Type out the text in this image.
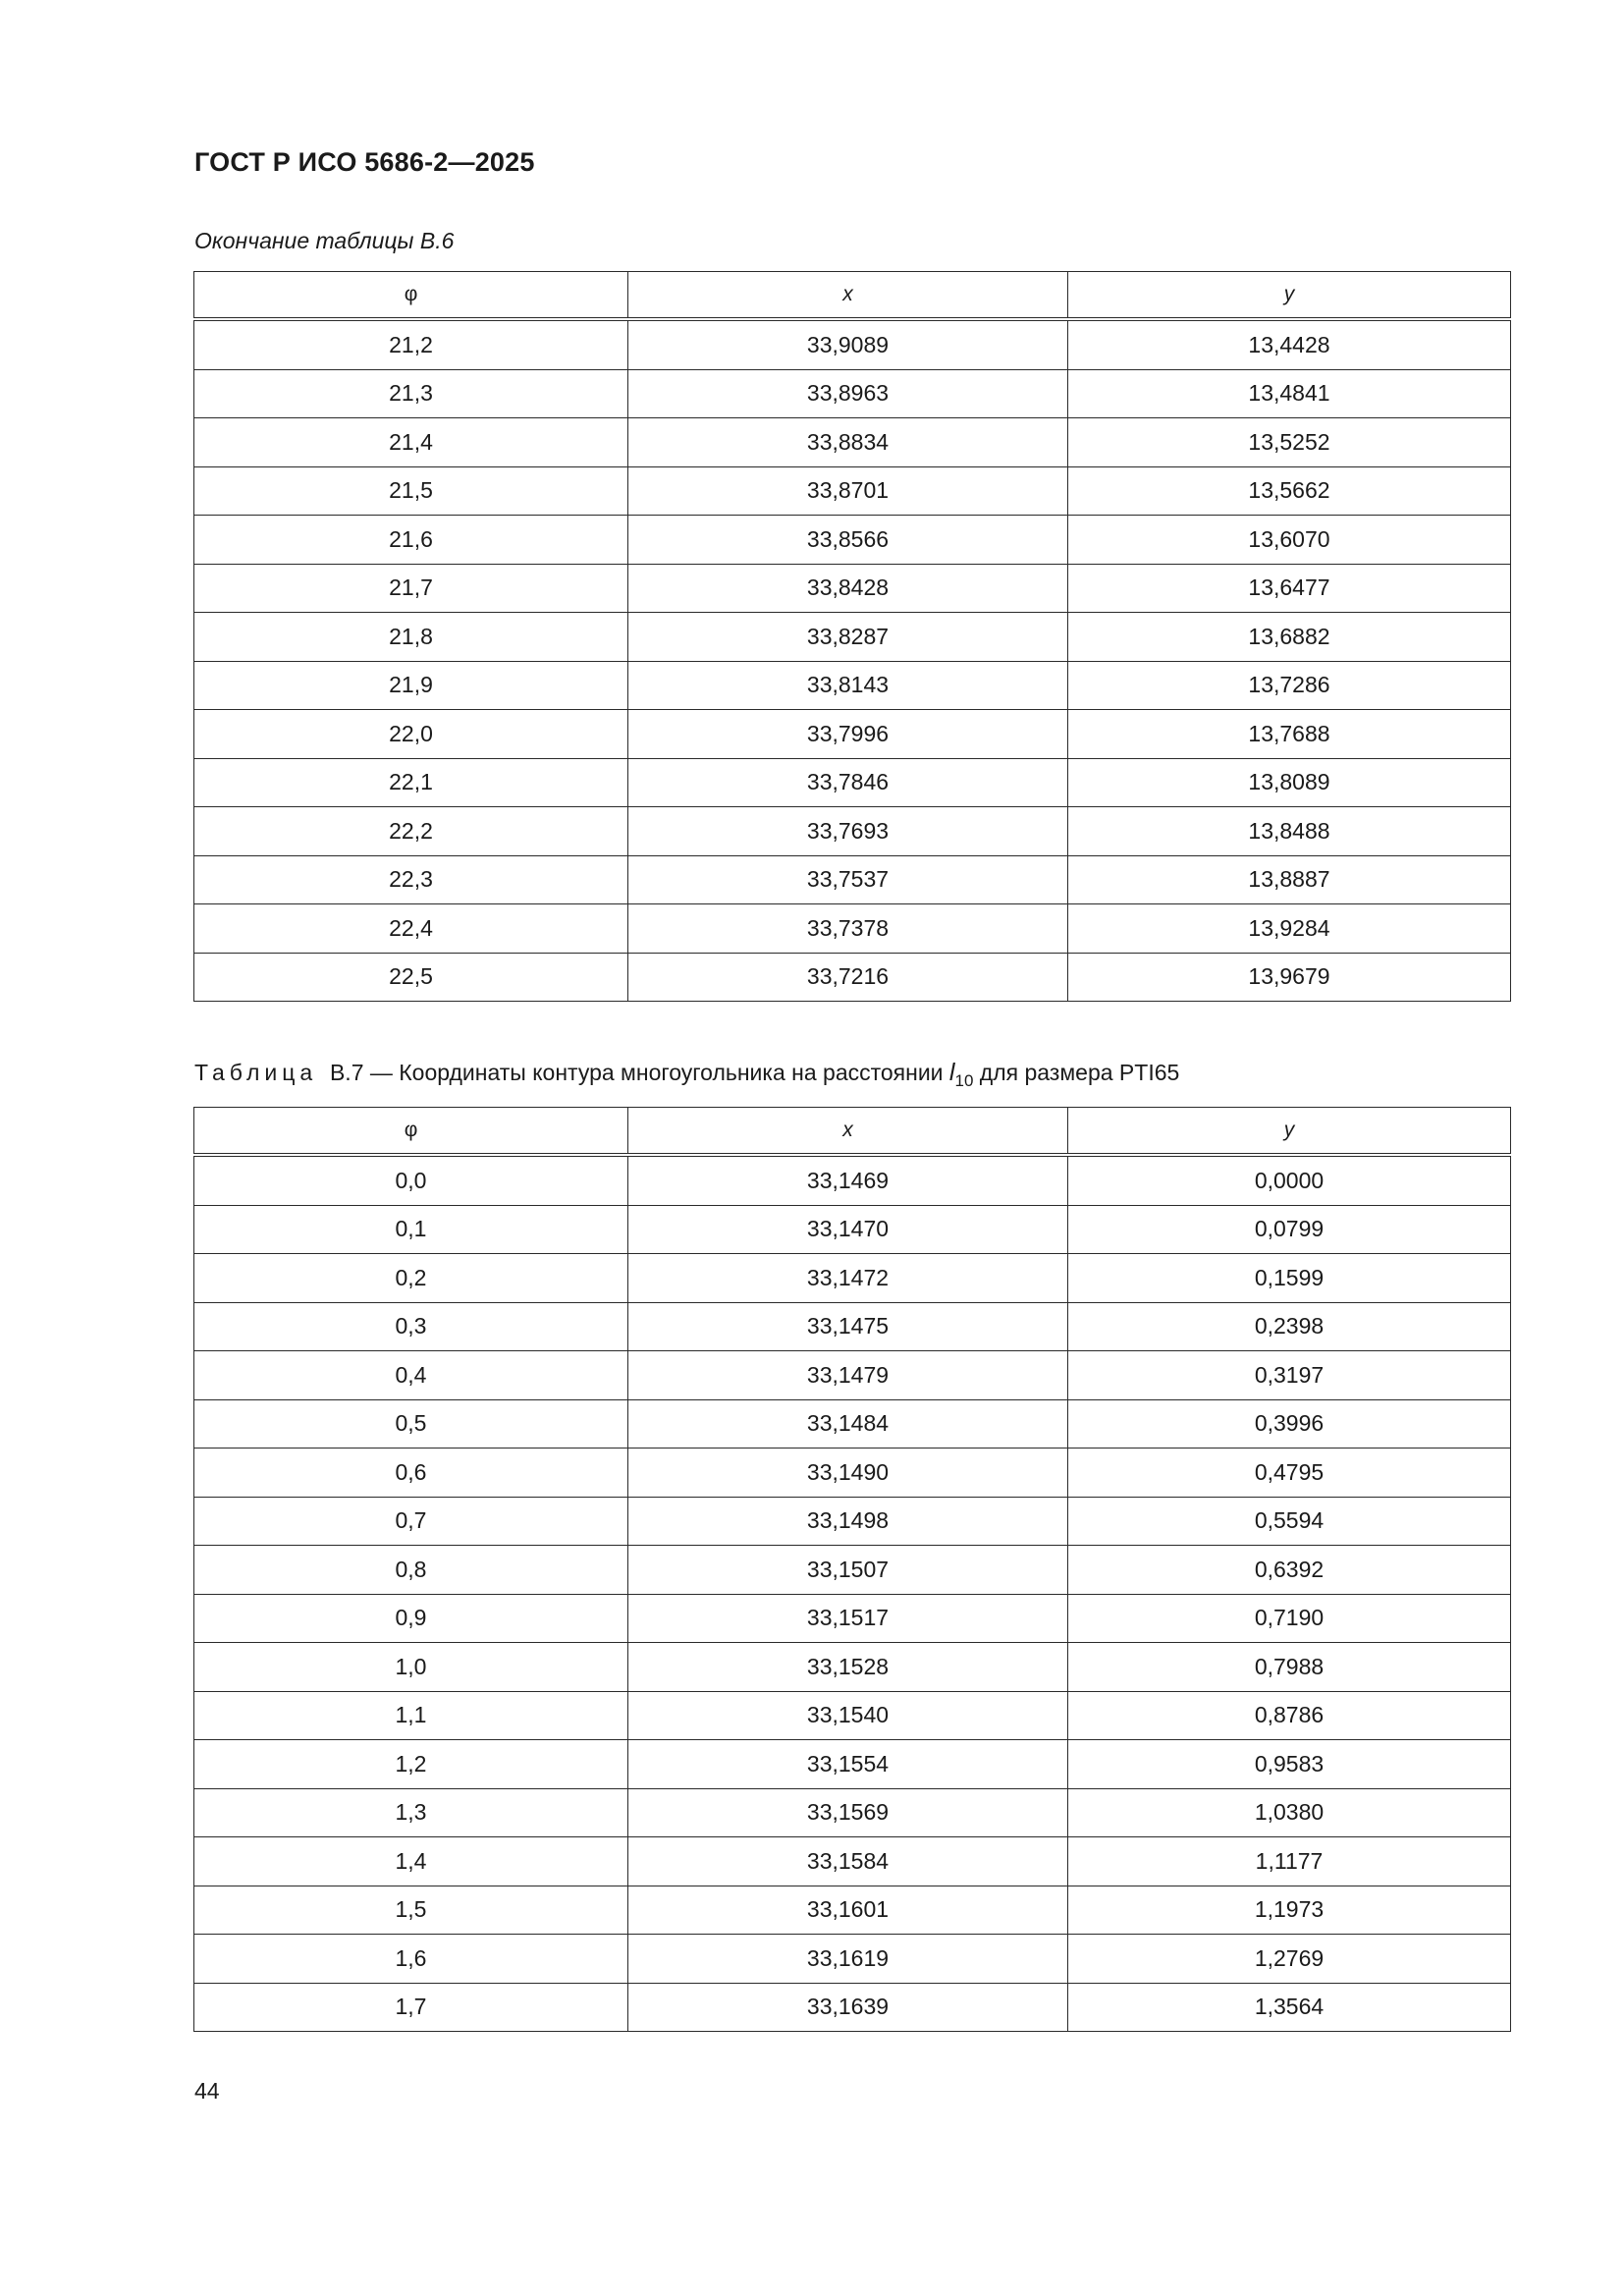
ГОСТ Р ИСО 5686-2—2025
Окончание таблицы В.6
φ	x	y
21,2	33,9089	13,4428
21,3	33,8963	13,4841
21,4	33,8834	13,5252
21,5	33,8701	13,5662
21,6	33,8566	13,6070
21,7	33,8428	13,6477
21,8	33,8287	13,6882
21,9	33,8143	13,7286
22,0	33,7996	13,7688
22,1	33,7846	13,8089
22,2	33,7693	13,8488
22,3	33,7537	13,8887
22,4	33,7378	13,9284
22,5	33,7216	13,9679
Таблица В.7 — Координаты контура многоугольника на расстоянии $l_{10}$ для размера PTI65
φ	x	y
0,0	33,1469	0,0000
0,1	33,1470	0,0799
0,2	33,1472	0,1599
0,3	33,1475	0,2398
0,4	33,1479	0,3197
0,5	33,1484	0,3996
0,6	33,1490	0,4795
0,7	33,1498	0,5594
0,8	33,1507	0,6392
0,9	33,1517	0,7190
1,0	33,1528	0,7988
1,1	33,1540	0,8786
1,2	33,1554	0,9583
1,3	33,1569	1,0380
1,4	33,1584	1,1177
1,5	33,1601	1,1973
1,6	33,1619	1,2769
1,7	33,1639	1,3564
44
